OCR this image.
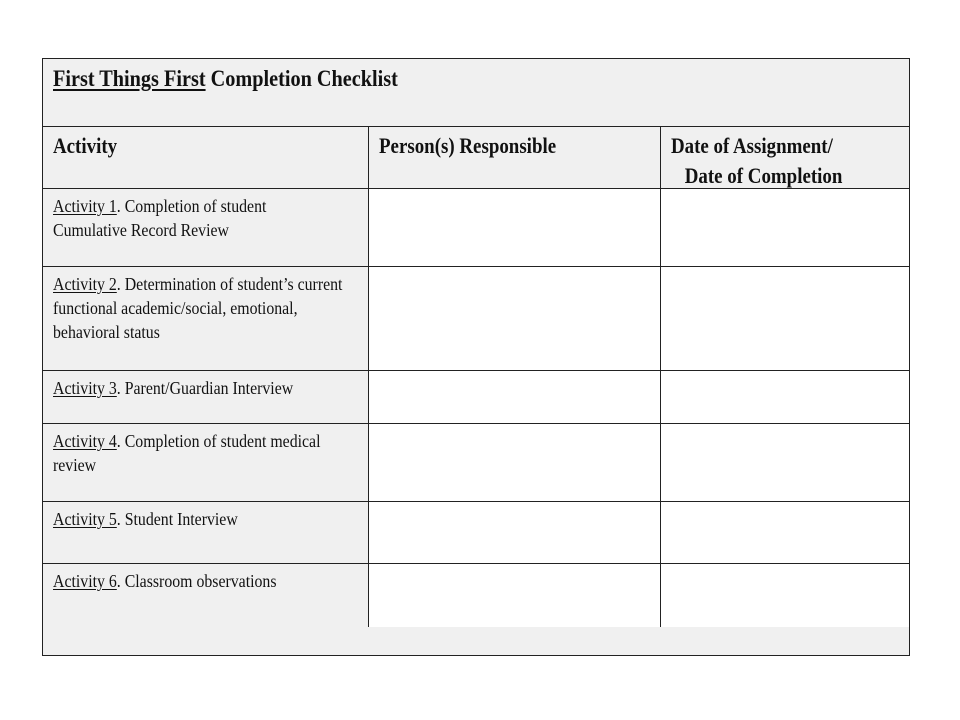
First Things First Completion Checklist
Activity	Person(s) Responsible	Date of Assignment/
Date of Completion
Activity 1. Completion of student Cumulative Record Review
Activity 2. Determination of student’s current functional academic/social, emotional, behavioral status
Activity 3. Parent/Guardian Interview
Activity 4. Completion of student medical review
Activity 5. Student Interview
Activity 6. Classroom observations
